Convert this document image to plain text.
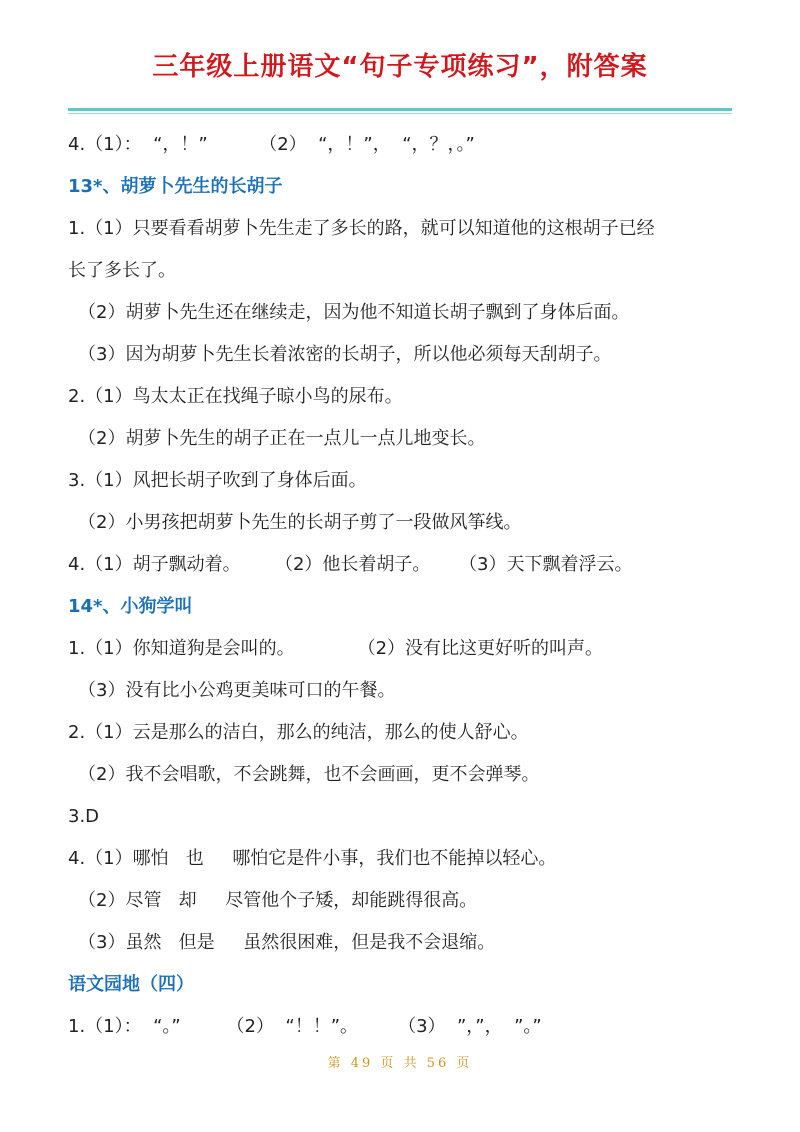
三年级上册语文“句子专项练习”，附答案
4.（1）：  “，！”         （2）  “，！”，  “，？，。”
13*、胡萝卜先生的长胡子
1.（1）只要看看胡萝卜先生走了多长的路，就可以知道他的这根胡子已经
长了多长了。
（2）胡萝卜先生还在继续走，因为他不知道长胡子飘到了身体后面。
（3）因为胡萝卜先生长着浓密的长胡子，所以他必须每天刮胡子。
2.（1）鸟太太正在找绳子晾小鸟的尿布。
（2）胡萝卜先生的胡子正在一点儿一点儿地变长。
3.（1）风把长胡子吹到了身体后面。
（2）小男孩把胡萝卜先生的长胡子剪了一段做风筝线。
4.（1）胡子飘动着。      （2）他长着胡子。     （3）天下飘着浮云。
14*、小狗学叫
1.（1）你知道狗是会叫的。           （2）没有比这更好听的叫声。
（3）没有比小公鸡更美味可口的午餐。
2.（1）云是那么的洁白，那么的纯洁，那么的使人舒心。
（2）我不会唱歌，不会跳舞，也不会画画，更不会弹琴。
3.D
4.（1）哪怕   也     哪怕它是件小事，我们也不能掉以轻心。
（2）尽管   却     尽管他个子矮，却能跳得很高。
（3）虽然   但是     虽然很困难，但是我不会退缩。
语文园地（四）
1.（1）：  “。”        （2）  “！！”。       （3）  ”，”，  ”。”
第 49 页 共 56 页
